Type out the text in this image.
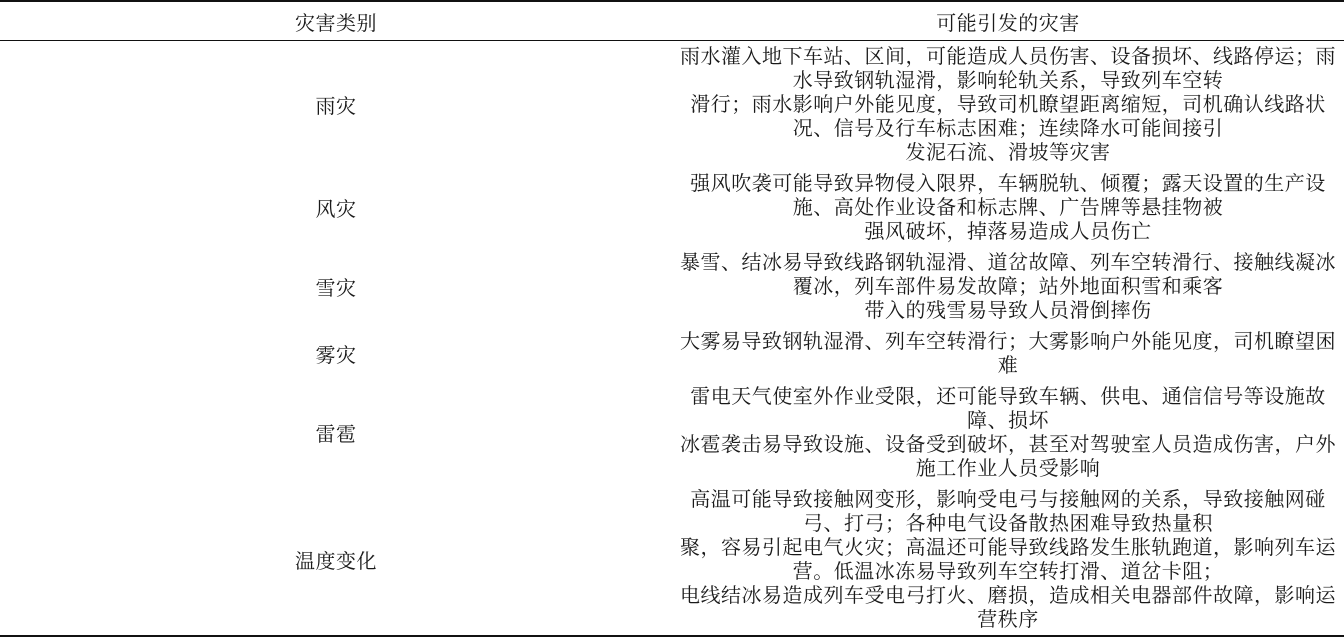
灾害类别	可能引发的灾害
雨灾	雨水灌入地下车站、区间，可能造成人员伤害、设备损坏、线路停运；雨水导致钢轨湿滑，影响轮轨关系，导致列车空转
滑行；雨水影响户外能见度，导致司机瞭望距离缩短，司机确认线路状况、信号及行车标志困难；连续降水可能间接引
发泥石流、滑坡等灾害

风灾	强风吹袭可能导致异物侵入限界，车辆脱轨、倾覆；露天设置的生产设施、高处作业设备和标志牌、广告牌等悬挂物被
强风破坏，掉落易造成人员伤亡

雪灾	暴雪、结冰易导致线路钢轨湿滑、道岔故障、列车空转滑行、接触线凝冰覆冰，列车部件易发故障；站外地面积雪和乘客
带入的残雪易导致人员滑倒摔伤

雾灾	大雾易导致钢轨湿滑、列车空转滑行；大雾影响户外能见度，司机瞭望困难

雷雹	雷电天气使室外作业受限，还可能导致车辆、供电、通信信号等设施故障、损坏
冰雹袭击易导致设施、设备受到破坏，甚至对驾驶室人员造成伤害，户外施工作业人员受影响

温度变化	高温可能导致接触网变形，影响受电弓与接触网的关系，导致接触网碰弓、打弓；各种电气设备散热困难导致热量积
聚，容易引起电气火灾；高温还可能导致线路发生胀轨跑道，影响列车运营。低温冰冻易导致列车空转打滑、道岔卡阻；
电线结冰易造成列车受电弓打火、磨损，造成相关电器部件故障，影响运营秩序
